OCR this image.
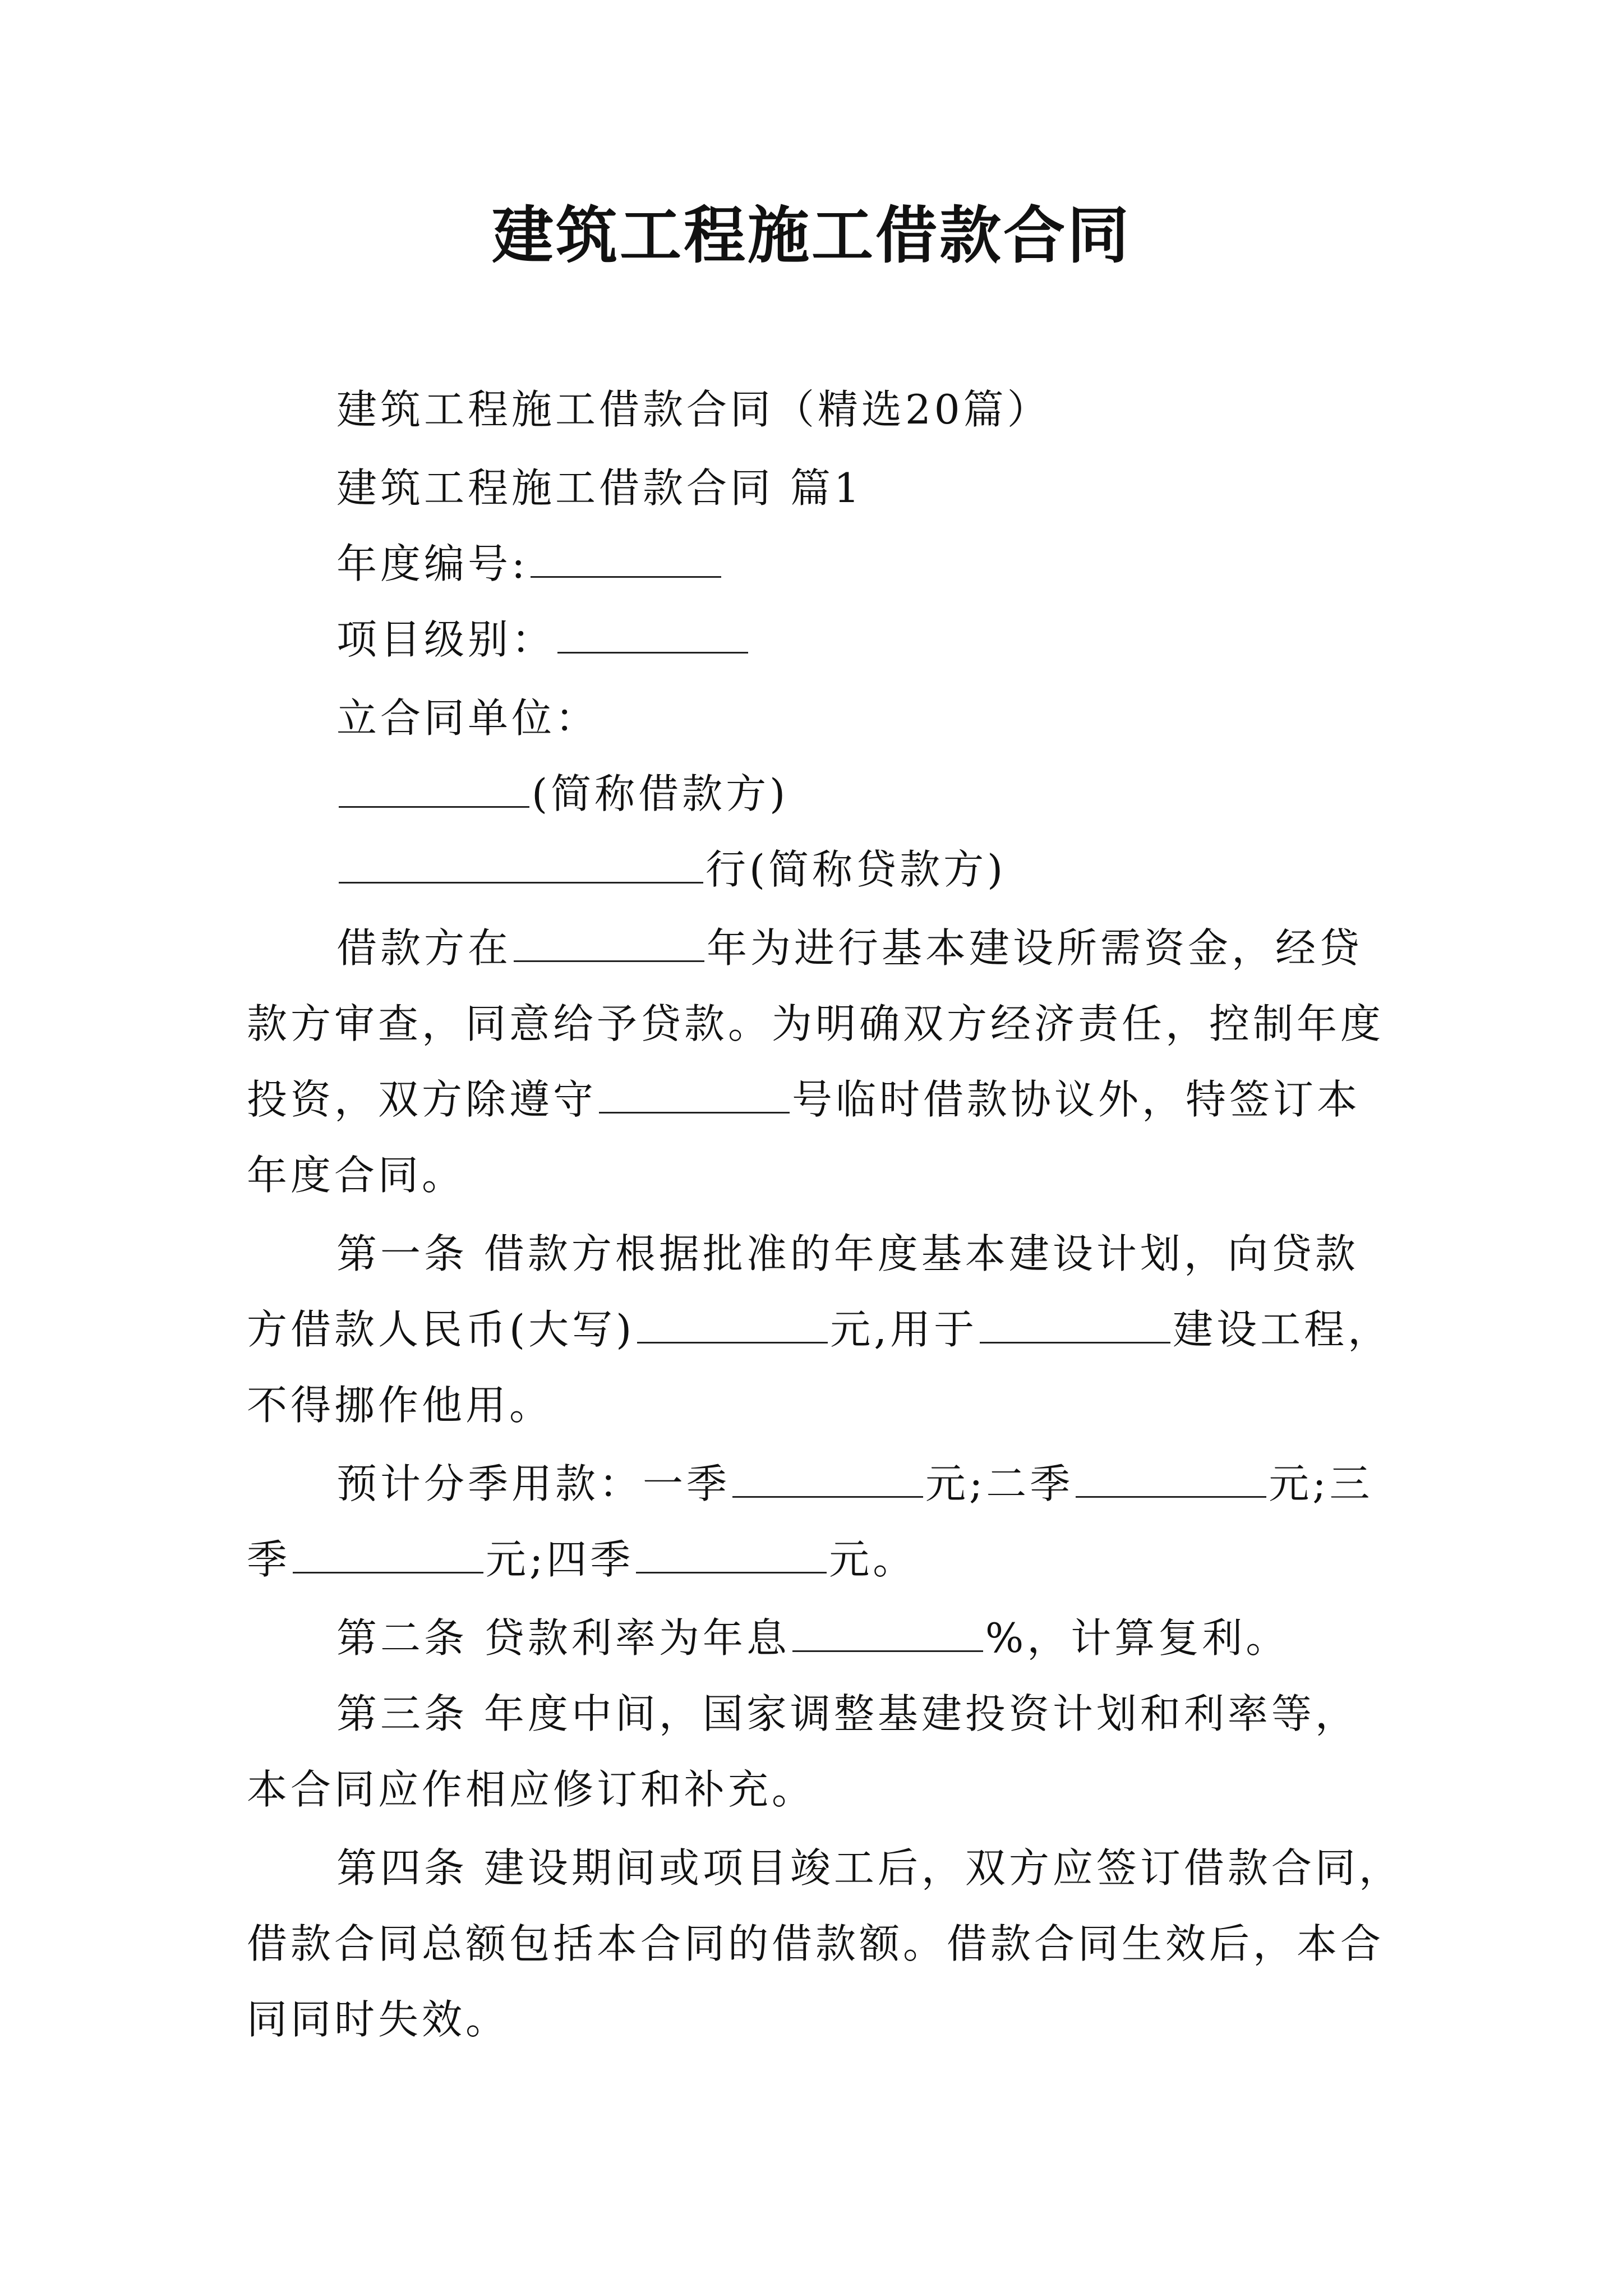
建筑工程施工借款合同
建筑工程施工借款合同（精选20篇）
建筑工程施工借款合同 篇1
年度编号:
项目级别：
立合同单位：
(简称借款方)
行(简称贷款方)
借款方在	年为进行基本建设所需资金，经贷
款方审查，同意给予贷款。为明确双方经济责任，控制年度
投资，双方除遵守	号临时借款协议外，特签订本
年度合同。
第一条 借款方根据批准的年度基本建设计划，向贷款
方借款人民币(大写)	元,用于	建设工程，
不得挪作他用。
预计分季用款：一季	元;二季	元;三
季	元;四季	元。
第二条 贷款利率为年息	%，计算复利。
第三条 年度中间，国家调整基建投资计划和利率等，
本合同应作相应修订和补充。
第四条 建设期间或项目竣工后，双方应签订借款合同，
借款合同总额包括本合同的借款额。借款合同生效后，本合
同同时失效。
